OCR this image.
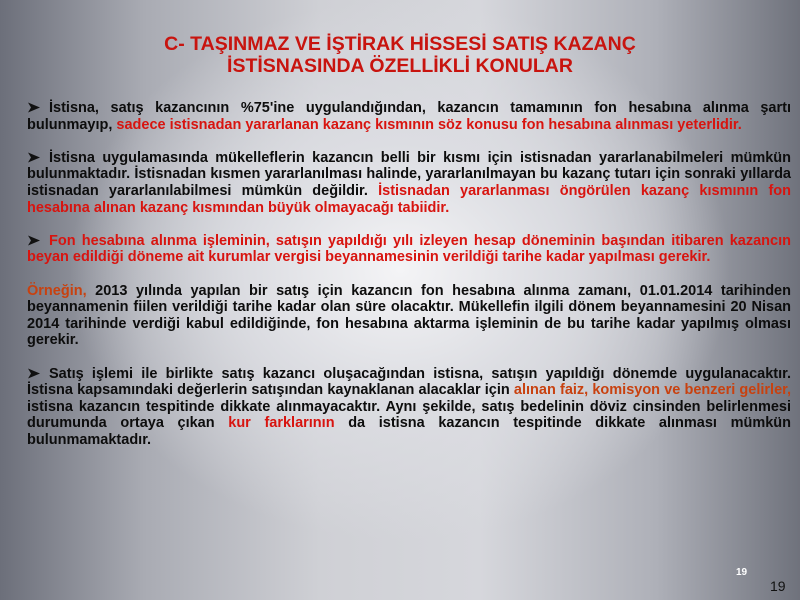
C- TAŞINMAZ VE İŞTİRAK HİSSESİ SATIŞ KAZANÇ
İSTİSNASINDA ÖZELLİKLİ KONULAR

İstisna, satış kazancının %75'ine uygulandığından, kazancın tamamının fon hesabına alınma şartı bulunmayıp, sadece istisnadan yararlanan kazanç kısmının söz konusu fon hesabına alınması yeterlidir.

İstisna uygulamasında mükelleflerin kazancın belli bir kısmı için istisnadan yararlanabilmeleri mümkün bulunmaktadır. İstisnadan kısmen yararlanılması halinde, yararlanılmayan bu kazanç tutarı için sonraki yıllarda istisnadan yararlanılabilmesi mümkün değildir. İstisnadan yararlanması öngörülen kazanç kısmının fon hesabına alınan kazanç kısmından büyük olmayacağı tabiidir.

Fon hesabına alınma işleminin, satışın yapıldığı yılı izleyen hesap döneminin başından itibaren kazancın beyan edildiği döneme ait kurumlar vergisi beyannamesinin verildiği tarihe kadar yapılması gerekir.

Örneğin, 2013 yılında yapılan bir satış için kazancın fon hesabına alınma zamanı, 01.01.2014 tarihinden beyannamenin fiilen verildiği tarihe kadar olan süre olacaktır. Mükellefin ilgili dönem beyannamesini 20 Nisan 2014 tarihinde verdiği kabul edildiğinde, fon hesabına aktarma işleminin de bu tarihe kadar yapılmış olması gerekir.

Satış işlemi ile birlikte satış kazancı oluşacağından istisna, satışın yapıldığı dönemde uygulanacaktır. İstisna kapsamındaki değerlerin satışından kaynaklanan alacaklar için alınan faiz, komisyon ve benzeri gelirler, istisna kazancın tespitinde dikkate alınmayacaktır. Aynı şekilde, satış bedelinin döviz cinsinden belirlenmesi durumunda ortaya çıkan kur farklarının da istisna kazancın tespitinde dikkate alınması mümkün bulunmamaktadır.

19
19
